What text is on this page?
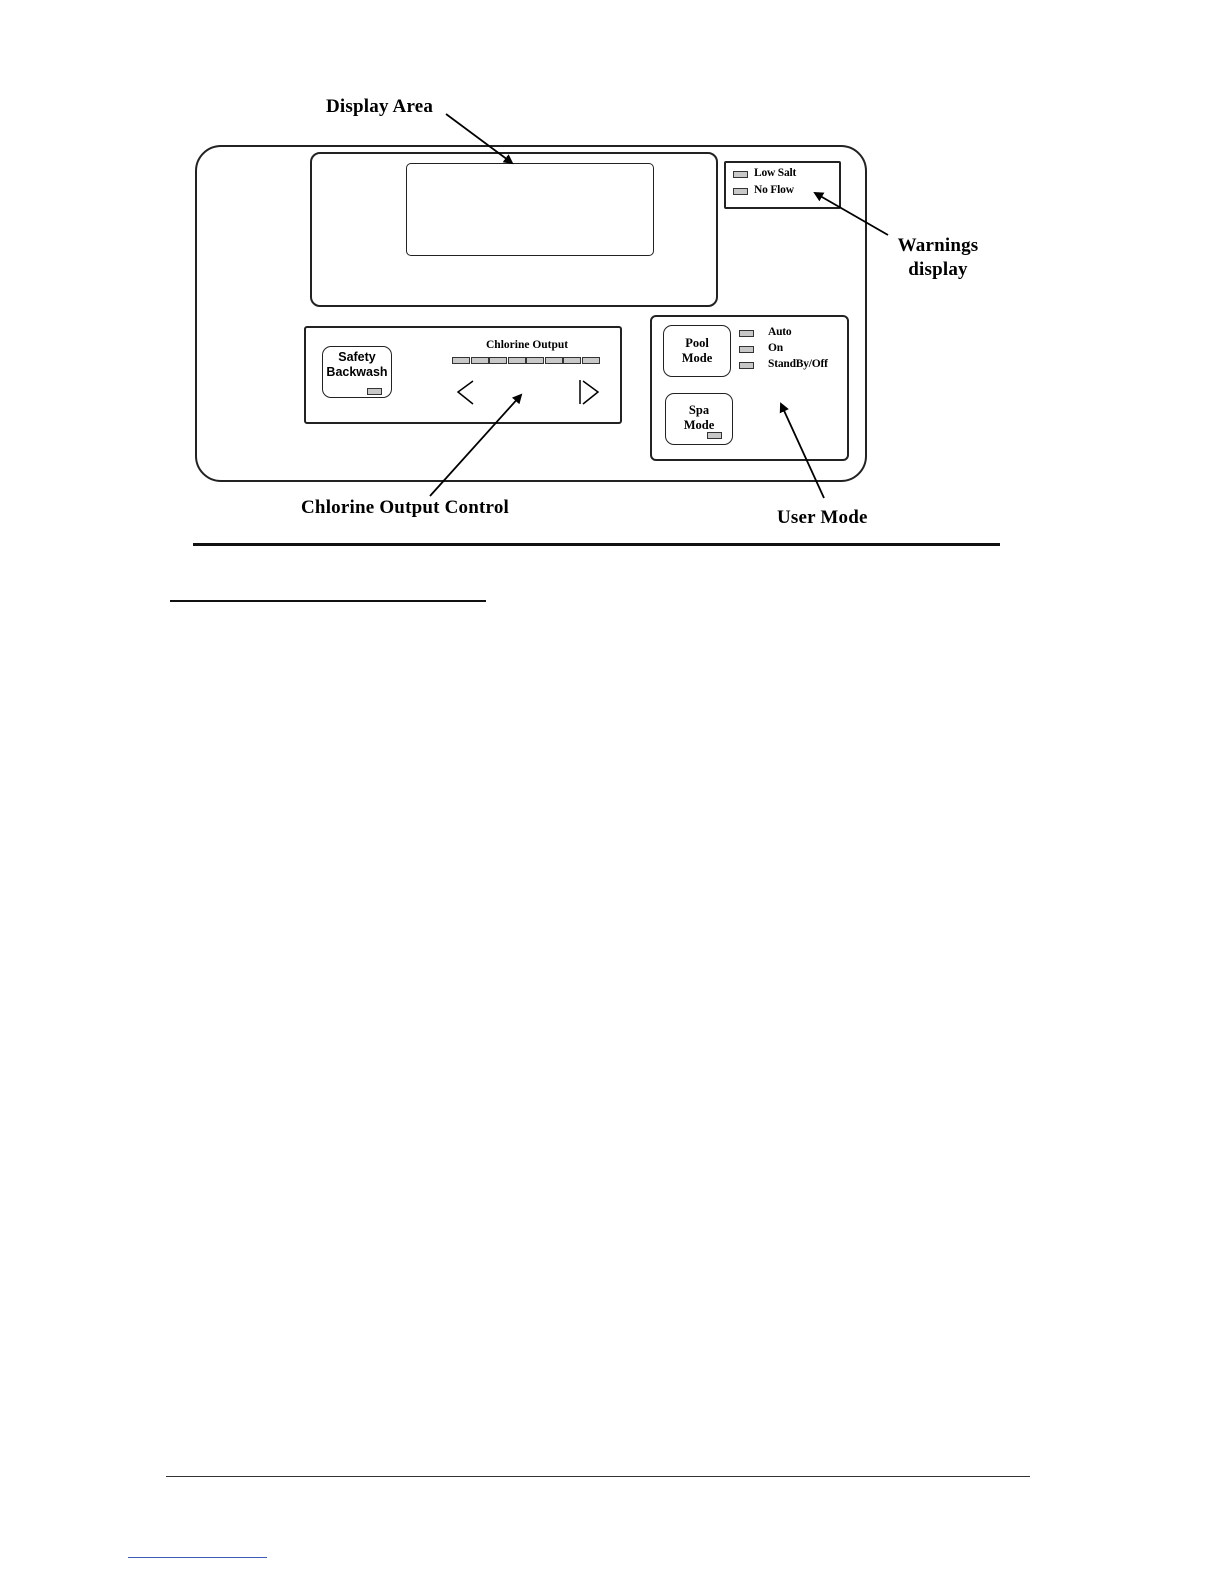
Display Area
Warnings
display
Chlorine Output Control	User Mode
Low Salt
No Flow
Safety
Backwash
Chlorine Output	Pool
Mode
Spa
Mode
Auto
On
StandBy/Off
